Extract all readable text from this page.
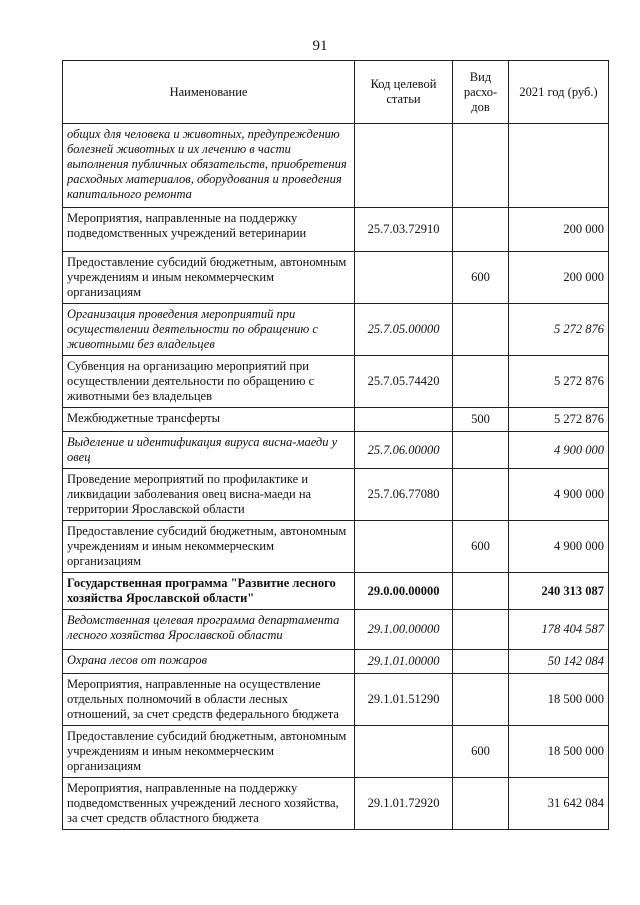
91
Наименование	Код целевой статьи	Вид расхо- дов	2021 год (руб.)
общих для человека и животных, предупреждению болезней животных и их лечению в части выполнения публичных обязательств, приобретения расходных материалов, оборудования и проведения капитального ремонта			
Мероприятия, направленные на поддержку подведомственных учреждений ветеринарии	25.7.03.72910		200 000
Предоставление субсидий бюджетным, автономным учреждениям и иным некоммерческим организациям		600	200 000
Организация проведения мероприятий при осуществлении деятельности по обращению с животными без владельцев	25.7.05.00000		5 272 876
Субвенция на организацию мероприятий при осуществлении деятельности по обращению с животными без владельцев	25.7.05.74420		5 272 876
Межбюджетные трансферты		500	5 272 876
Выделение и идентификация вируса висна-маеди у овец	25.7.06.00000		4 900 000
Проведение мероприятий по профилактике и ликвидации заболевания овец висна-маеди на территории Ярославской области	25.7.06.77080		4 900 000
Предоставление субсидий бюджетным, автономным учреждениям и иным некоммерческим организациям		600	4 900 000
Государственная программа "Развитие лесного хозяйства Ярославской области"	29.0.00.00000		240 313 087
Ведомственная целевая программа департамента лесного хозяйства Ярославской области	29.1.00.00000		178 404 587
Охрана лесов от пожаров	29.1.01.00000		50 142 084
Мероприятия, направленные на осуществление отдельных полномочий в области лесных отношений, за счет средств федерального бюджета	29.1.01.51290		18 500 000
Предоставление субсидий бюджетным, автономным учреждениям и иным некоммерческим организациям		600	18 500 000
Мероприятия, направленные на поддержку подведомственных учреждений лесного хозяйства, за счет средств областного бюджета	29.1.01.72920		31 642 084
